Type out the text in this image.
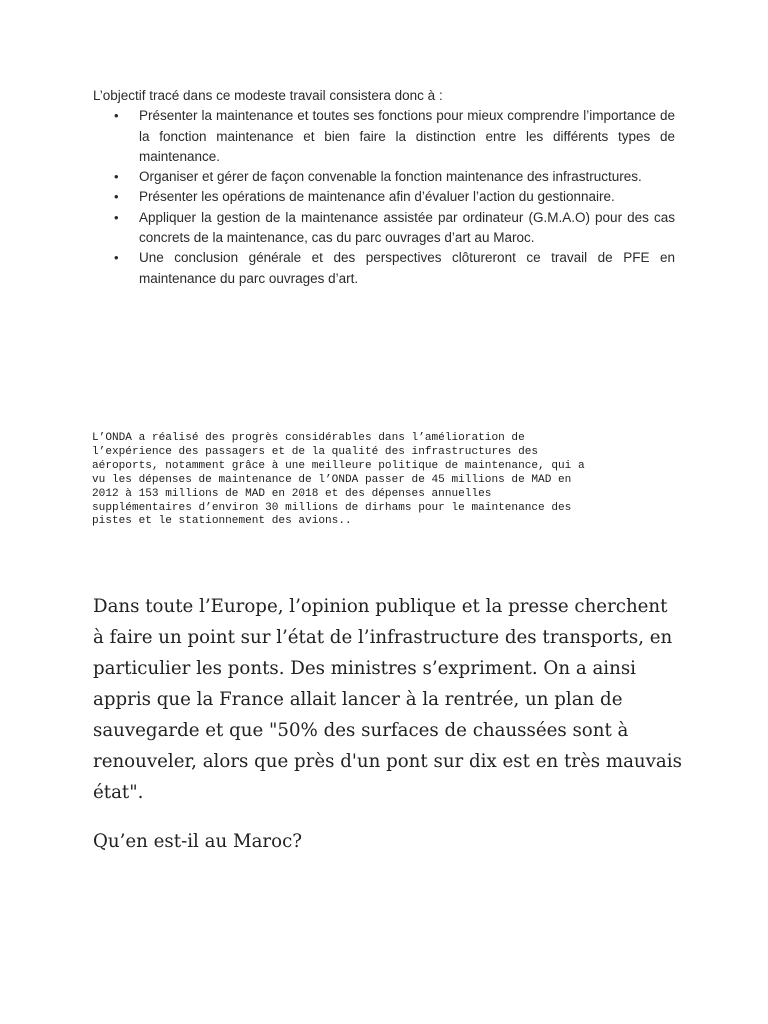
L’objectif tracé dans ce modeste travail consistera donc à :

• Présenter la maintenance et toutes ses fonctions pour mieux comprendre l’importance de la fonction maintenance et bien faire la distinction entre les différents types de maintenance.
• Organiser et gérer de façon convenable la fonction maintenance des infrastructures.
• Présenter les opérations de maintenance afin d’évaluer l’action du gestionnaire.
• Appliquer la gestion de la maintenance assistée par ordinateur (G.M.A.O) pour des cas concrets de la maintenance, cas du parc ouvrages d’art au Maroc.
• Une conclusion générale et des perspectives clôtureront ce travail de PFE en maintenance du parc ouvrages d’art.
L’ONDA a réalisé des progrès considérables dans l’amélioration de
l’expérience des passagers et de la qualité des infrastructures des
aéroports, notamment grâce à une meilleure politique de maintenance, qui a
vu les dépenses de maintenance de l’ONDA passer de 45 millions de MAD en
2012 à 153 millions de MAD en 2018 et des dépenses annuelles
supplémentaires d’environ 30 millions de dirhams pour le maintenance des
pistes et le stationnement des avions..

Dans toute l’Europe, l’opinion publique et la presse cherchent à faire un point sur l’état de l’infrastructure des transports, en particulier les ponts. Des ministres s’expriment. On a ainsi appris que la France allait lancer à la rentrée, un plan de sauvegarde et que "50% des surfaces de chaussées sont à renouveler, alors que près d'un pont sur dix est en très mauvais état".

Qu’en est-il au Maroc?
